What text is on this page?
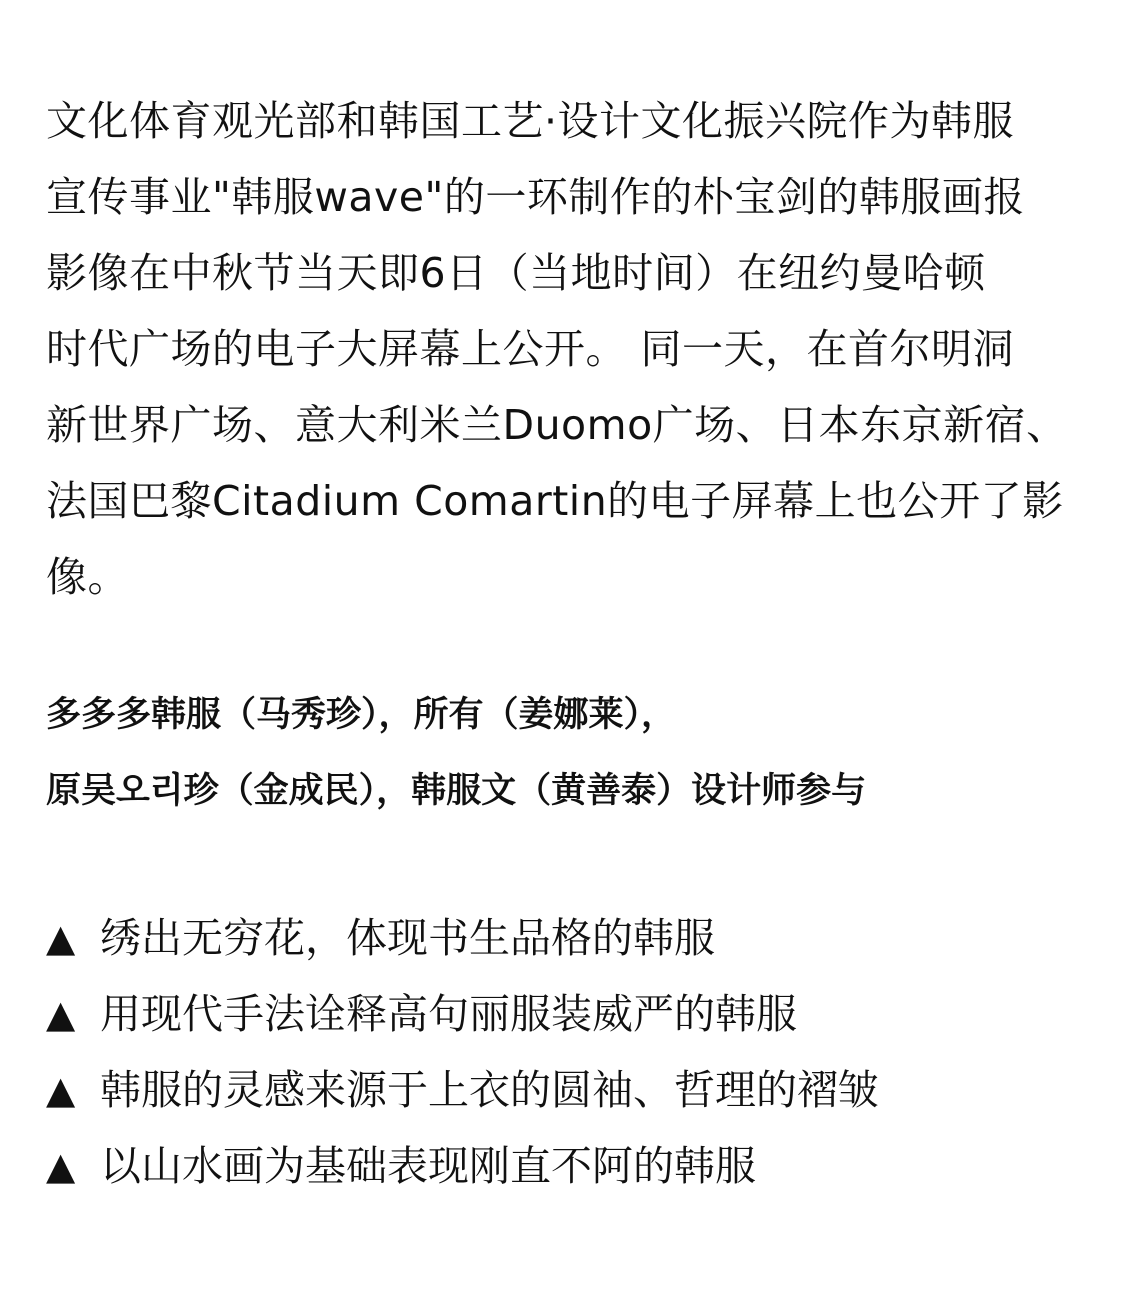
文化体育观光部和韩国工艺·设计文化振兴院作为韩服
宣传事业"韩服wave"的一环制作的朴宝剑的韩服画报
影像在中秋节当天即6日（当地时间）在纽约曼哈顿
时代广场的电子大屏幕上公开。 同一天，在首尔明洞
新世界广场、意大利米兰Duomo广场、日本东京新宿、
法国巴黎Citadium Comartin的电子屏幕上也公开了影
像。

多多多韩服（马秀珍），所有（姜娜莱），
原吴오리珍（金成民），韩服文（黄善泰）设计师参与
▲ 绣出无穷花，体现书生品格的韩服
▲ 用现代手法诠释高句丽服装威严的韩服
▲ 韩服的灵感来源于上衣的圆袖、哲理的褶皱
▲ 以山水画为基础表现刚直不阿的韩服
